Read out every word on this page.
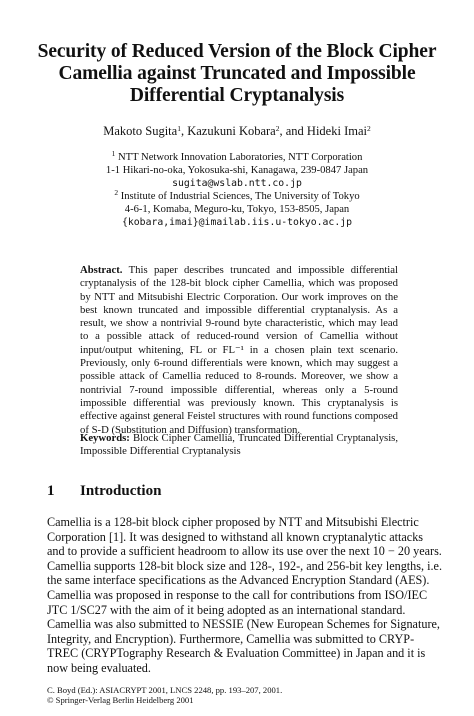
Security of Reduced Version of the Block Cipher
Camellia against Truncated and Impossible
Differential Cryptanalysis
Makoto Sugita$^1$, Kazukuni Kobara$^2$, and Hideki Imai$^2$
$^1$ NTT Network Innovation Laboratories, NTT Corporation
1-1 Hikari-no-oka, Yokosuka-shi, Kanagawa, 239-0847 Japan
sugita@wslab.ntt.co.jp
$^2$ Institute of Industrial Sciences, The University of Tokyo
4-6-1, Komaba, Meguro-ku, Tokyo, 153-8505, Japan
{kobara,imai}@imailab.iis.u-tokyo.ac.jp
Abstract. This paper describes truncated and impossible differential cryptanalysis of the 128-bit block cipher Camellia, which was proposed by NTT and Mitsubishi Electric Corporation. Our work improves on the best known truncated and impossible differential cryptanalysis. As a result, we show a nontrivial 9-round byte characteristic, which may lead to a possible attack of reduced-round version of Camellia without input/output whitening, FL or FL⁻¹ in a chosen plain text scenario. Previously, only 6-round differentials were known, which may suggest a possible attack of Camellia reduced to 8-rounds. Moreover, we show a nontrivial 7-round impossible differential, whereas only a 5-round impossible differential was previously known. This cryptanalysis is effective against general Feistel structures with round functions composed of S-D (Substitution and Diffusion) transformation.
Keywords: Block Cipher Camellia, Truncated Differential Cryptanalysis, Impossible Differential Cryptanalysis
1 Introduction
Camellia is a 128-bit block cipher proposed by NTT and Mitsubishi Electric
Corporation [1]. It was designed to withstand all known cryptanalytic attacks
and to provide a sufficient headroom to allow its use over the next 10 − 20 years.
Camellia supports 128-bit block size and 128-, 192-, and 256-bit key lengths, i.e.
the same interface specifications as the Advanced Encryption Standard (AES).
Camellia was proposed in response to the call for contributions from ISO/IEC
JTC 1/SC27 with the aim of it being adopted as an international standard.
Camellia was also submitted to NESSIE (New European Schemes for Signature,
Integrity, and Encryption). Furthermore, Camellia was submitted to CRYP-
TREC (CRYPTography Research & Evaluation Committee) in Japan and it is
now being evaluated.
C. Boyd (Ed.): ASIACRYPT 2001, LNCS 2248, pp. 193–207, 2001.
© Springer-Verlag Berlin Heidelberg 2001
